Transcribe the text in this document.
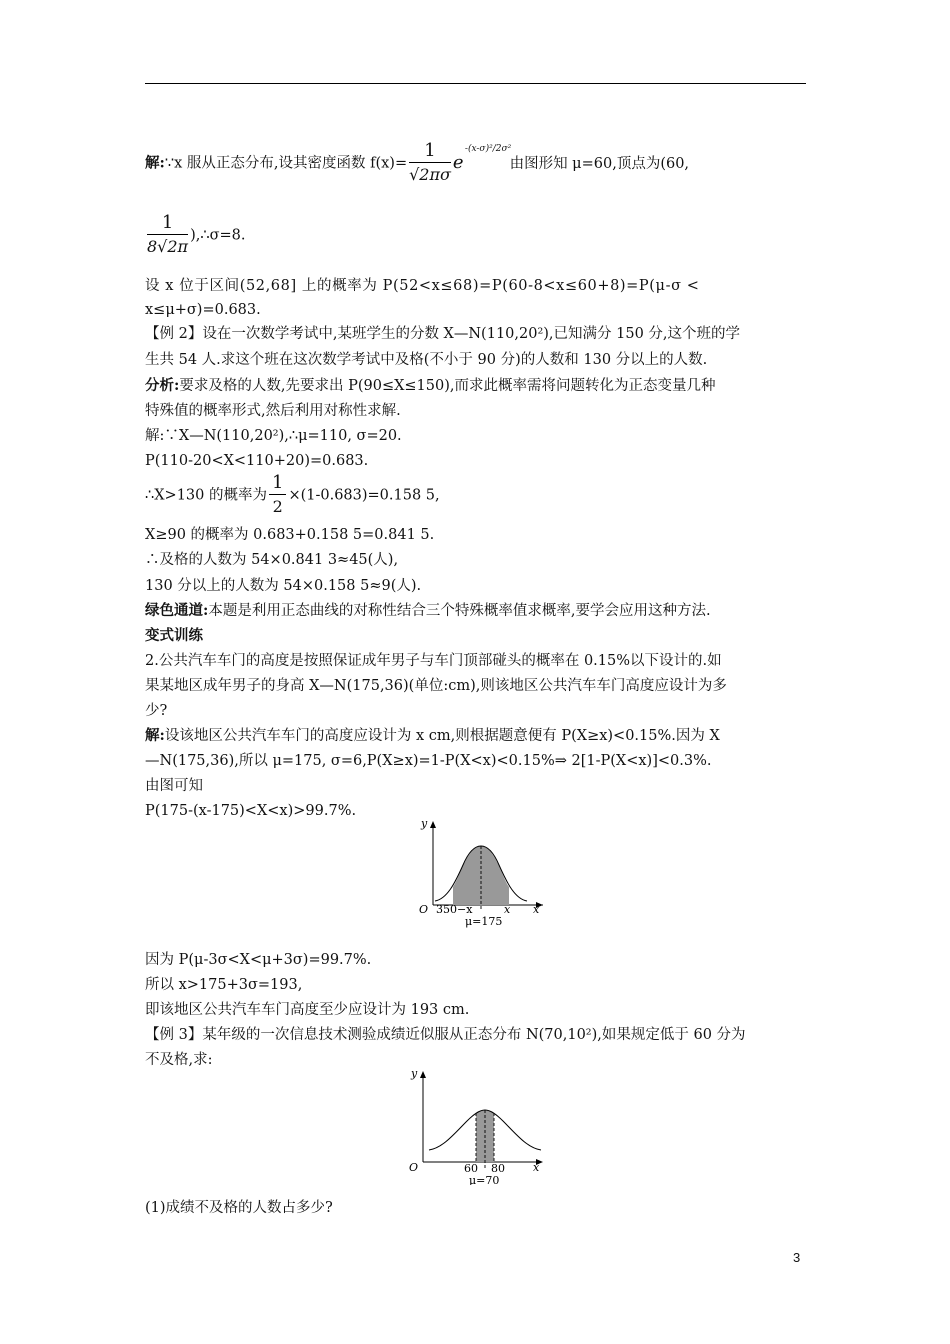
解:∵x 服从正态分布,设其密度函数 $f(x)= \frac{1}{√2\pi\sigma}$ e
-(x-σ)²/2σ²
由图形知 μ=60,顶点为(60,
$\frac{1}{8√2\pi}$ ),∴σ=8.
设 x 位于区间(52,68] 上的概率为 P(52<x≤68)=P(60-8<x≤60+8)=P(μ-σ <
x≤μ+σ)=0.683.
【例 2】设在一次数学考试中,某班学生的分数 X—N(110,20²),已知满分 150 分,这个班的学
生共 54 人.求这个班在这次数学考试中及格(不小于 90 分)的人数和 130 分以上的人数.
分析:要求及格的人数,先要求出 P(90≤X≤150),而求此概率需将问题转化为正态变量几种
特殊值的概率形式,然后利用对称性求解.
解:∵X—N(110,20²),∴μ=110, σ=20.
P(110-20<X<110+20)=0.683.
∴X>130 的概率为 $\frac{1}{2} \times(1-0.683)=0.158$ 5,
X≥90 的概率为 0.683+0.158 5=0.841 5.
∴及格的人数为 54×0.841 3≈45(人),
130 分以上的人数为 54×0.158 5≈9(人).
绿色通道:本题是利用正态曲线的对称性结合三个特殊概率值求概率,要学会应用这种方法.
变式训练
2.公共汽车车门的高度是按照保证成年男子与车门顶部碰头的概率在 0.15%以下设计的.如
果某地区成年男子的身高 X—N(175,36)(单位:cm),则该地区公共汽车车门高度应设计为多
少?
解:设该地区公共汽车车门的高度应设计为 x cm,则根据题意便有 P(X≥x)<0.15%.因为 X
—N(175,36),所以 μ=175, σ=6,P(X≥x)=1-P(X<x)<0.15%⇒ 2[1-P(X<x)]<0.3%.
由图可知
P(175-(x-175)<X<x)>99.7%.
y
O 350−x	x x
μ=175
因为 P(μ-3σ<X<μ+3σ)=99.7%.
所以 x>175+3σ=193,
即该地区公共汽车车门高度至少应设计为 193 cm.
【例 3】某年级的一次信息技术测验成绩近似服从正态分布 N(70,10²),如果规定低于 60 分为
不及格,求:
y
O	60 80	x
μ=70
(1)成绩不及格的人数占多少?
3
